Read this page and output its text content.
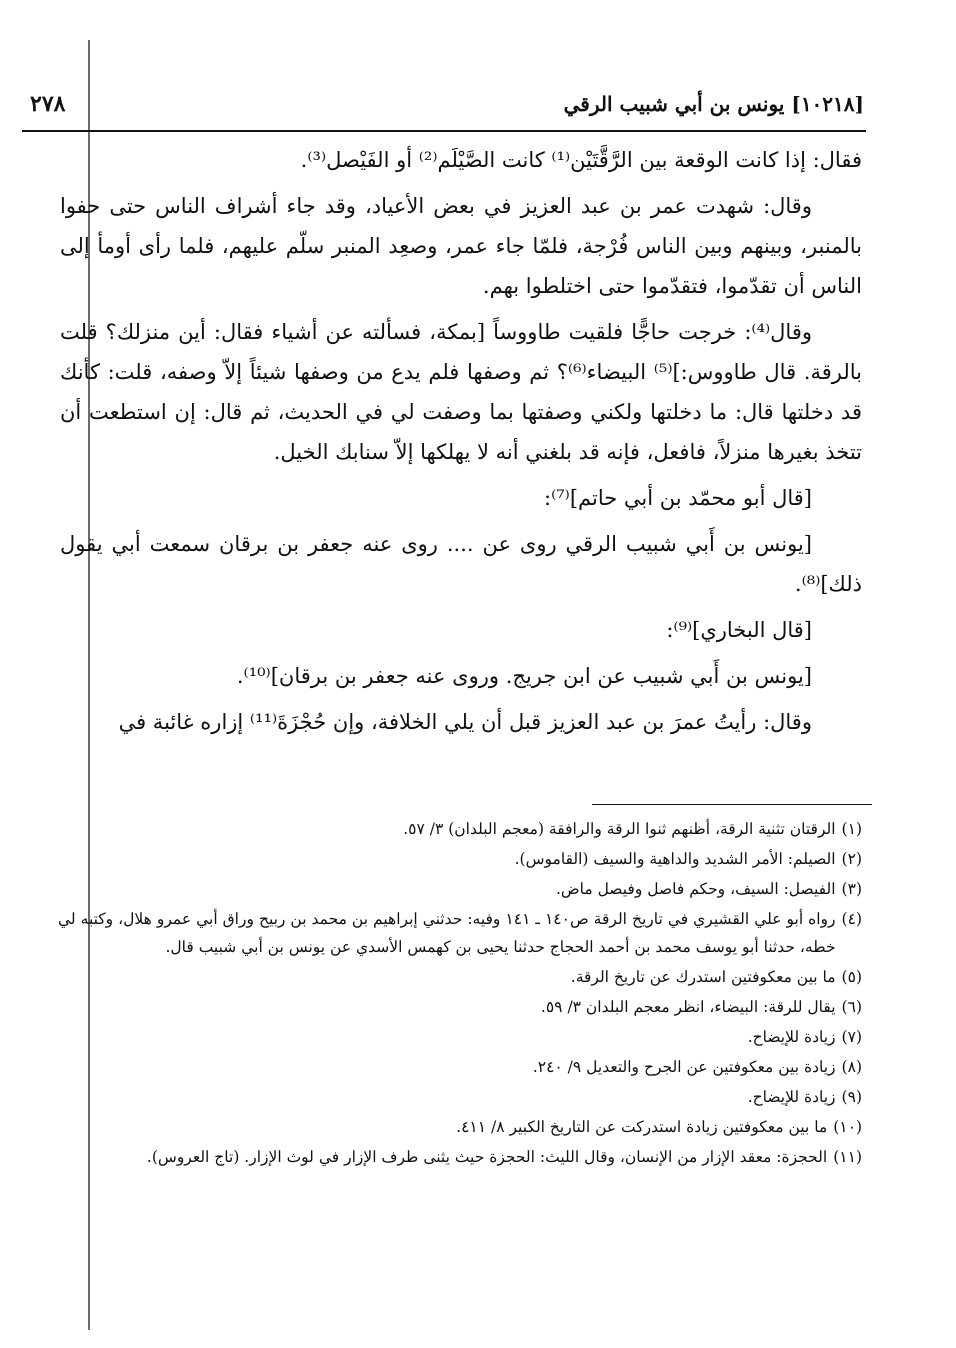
٢٧٨	[١٠٢١٨] يونس بن أبي شبيب الرقي

فقال: إذا كانت الوقعة بين الرَّقَّتَيْن⁽¹⁾ كانت الصَّيْلَم⁽²⁾ أو الفَيْصل⁽³⁾.

وقال: شهدت عمر بن عبد العزيز في بعض الأعياد، وقد جاء أشراف الناس حتى حفوا بالمنبر، وبينهم وبين الناس فُرْجة، فلمّا جاء عمر، وصعِد المنبر سلّم عليهم، فلما رأى أومأ إلى الناس أن تقدّموا، فتقدّموا حتى اختلطوا بهم.

وقال⁽⁴⁾: خرجت حاجًّا فلقيت طاووساً [بمكة، فسألته عن أشياء فقال: أين منزلك؟ قلت بالرقة. قال طاووس:]⁽⁵⁾ البيضاء⁽⁶⁾؟ ثم وصفها فلم يدع من وصفها شيئاً إلاّ وصفه، قلت: كأنك قد دخلتها قال: ما دخلتها ولكني وصفتها بما وصفت لي في الحديث، ثم قال: إن استطعت أن تتخذ بغيرها منزلاً، فافعل، فإنه قد بلغني أنه لا يهلكها إلاّ سنابك الخيل.

[قال أبو محمّد بن أبي حاتم]⁽⁷⁾:

[يونس بن أَبي شبيب الرقي روى عن .... روى عنه جعفر بن برقان سمعت أبي يقول ذلك]⁽⁸⁾.

[قال البخاري]⁽⁹⁾:

[يونس بن أَبي شبيب عن ابن جريج. وروى عنه جعفر بن برقان]⁽¹⁰⁾.

وقال: رأيتُ عمرَ بن عبد العزيز قبل أن يلي الخلافة، وإن حُجْزَةَ⁽¹¹⁾ إزاره غائبة في

(١)
الرقتان تثنية الرقة، أظنهم ثنوا الرقة والرافقة (معجم البلدان) ٣/ ٥٧.
(٢)
الصيلم: الأمر الشديد والداهية والسيف (القاموس).
(٣)
الفيصل: السيف، وحكم فاصل وفيصل ماض.
(٤)
رواه أبو علي القشيري في تاريخ الرقة ص١٤٠ ـ ١٤١ وفيه: حدثني إبراهيم بن محمد بن ربيح وراق أبي عمرو هلال، وكتبه لي خطه، حدثنا أبو يوسف محمد بن أحمد الحجاج حدثنا يحيى بن كهمس الأسدي عن يونس بن أبي شبيب قال.
(٥)
ما بين معكوفتين استدرك عن تاريخ الرقة.
(٦)
يقال للرقة: البيضاء، انظر معجم البلدان ٣/ ٥٩.
(٧)
زيادة للإيضاح.
(٨)
زيادة بين معكوفتين عن الجرح والتعديل ٩/ ٢٤٠.
(٩)
زيادة للإيضاح.
(١٠)
ما بين معكوفتين زيادة استدركت عن التاريخ الكبير ٨/ ٤١١.
(١١)
الحجزة: معقد الإزار من الإنسان، وقال الليث: الحجزة حيث يثنى طرف الإزار في لوث الإزار. (تاج العروس).
